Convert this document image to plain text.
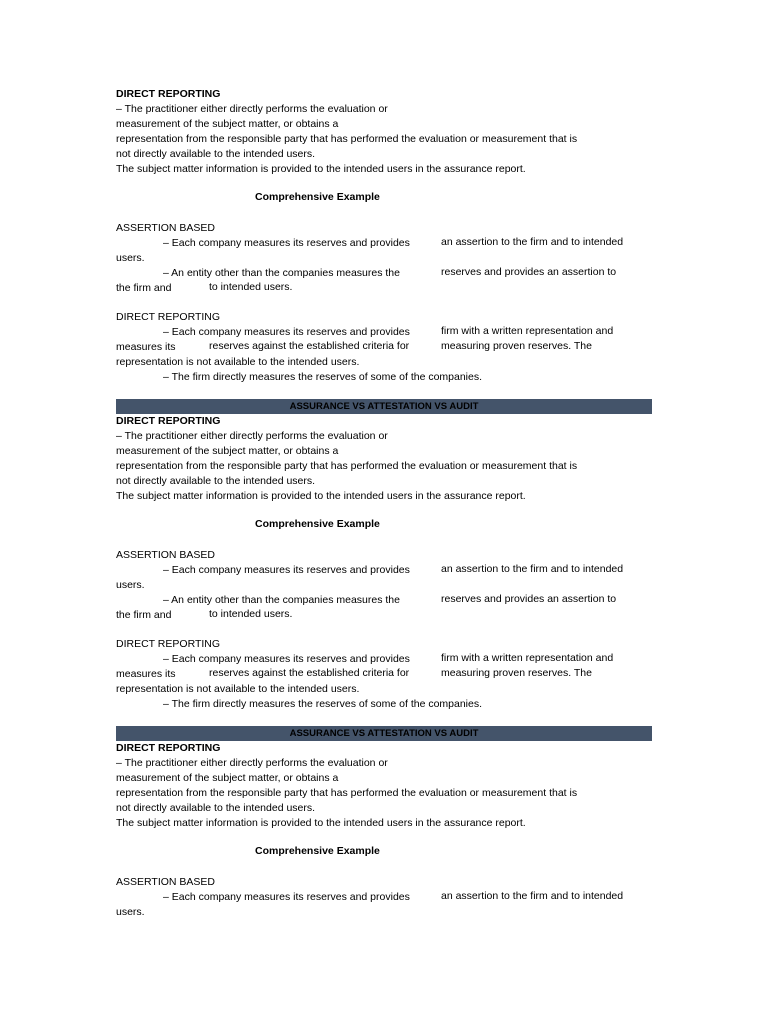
DIRECT REPORTING
– The practitioner either directly performs the evaluation or
measurement of the subject matter, or obtains a
representation from the responsible party that has performed the evaluation or measurement that is
not directly available to the intended users.
The subject matter information is provided to the intended users in the assurance report.
Comprehensive Example
ASSERTION BASED
– Each company measures its reserves and provides	an assertion to the firm and to intended
users.
– An entity other than the companies measures the	reserves and provides an assertion to
the firm and	to intended users.
DIRECT REPORTING
– Each company measures its reserves and provides	firm with a written representation and
measures its	reserves against the established criteria for	measuring proven reserves. The
representation is not available to the intended users.
– The firm directly measures the reserves of some of the companies.
ASSURANCE VS ATTESTATION VS AUDIT
DIRECT REPORTING
– The practitioner either directly performs the evaluation or
measurement of the subject matter, or obtains a
representation from the responsible party that has performed the evaluation or measurement that is
not directly available to the intended users.
The subject matter information is provided to the intended users in the assurance report.
Comprehensive Example
ASSERTION BASED
– Each company measures its reserves and provides	an assertion to the firm and to intended
users.
– An entity other than the companies measures the	reserves and provides an assertion to
the firm and	to intended users.
DIRECT REPORTING
– Each company measures its reserves and provides	firm with a written representation and
measures its	reserves against the established criteria for	measuring proven reserves. The
representation is not available to the intended users.
– The firm directly measures the reserves of some of the companies.
ASSURANCE VS ATTESTATION VS AUDIT
DIRECT REPORTING
– The practitioner either directly performs the evaluation or
measurement of the subject matter, or obtains a
representation from the responsible party that has performed the evaluation or measurement that is
not directly available to the intended users.
The subject matter information is provided to the intended users in the assurance report.
Comprehensive Example
ASSERTION BASED
– Each company measures its reserves and provides	an assertion to the firm and to intended
users.
